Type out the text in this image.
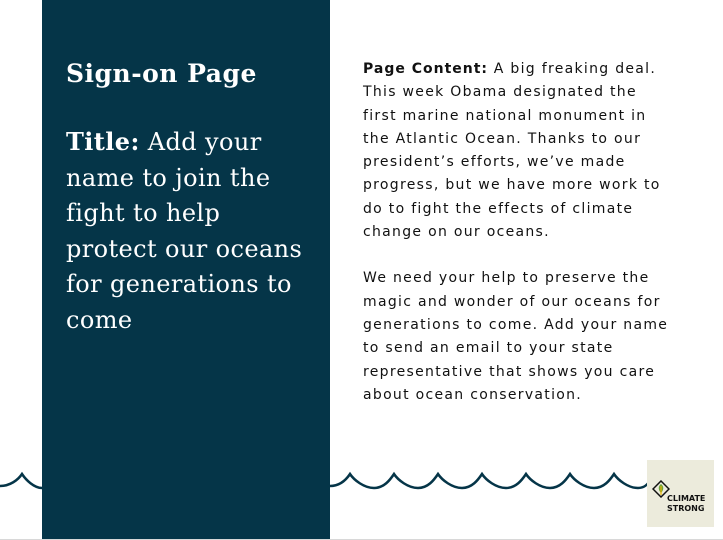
Sign-on Page
Title: Add your name to join the fight to help protect our oceans for generations to come

Page Content: A big freaking deal. This week Obama designated the first marine national monument in the Atlantic Ocean. Thanks to our president’s efforts, we’ve made progress, but we have more work to do to fight the effects of climate change on our oceans.

We need your help to preserve the magic and wonder of our oceans for generations to come. Add your name to send an email to your state representative that shows you care about ocean conservation.

CLIMATE
STRONG
